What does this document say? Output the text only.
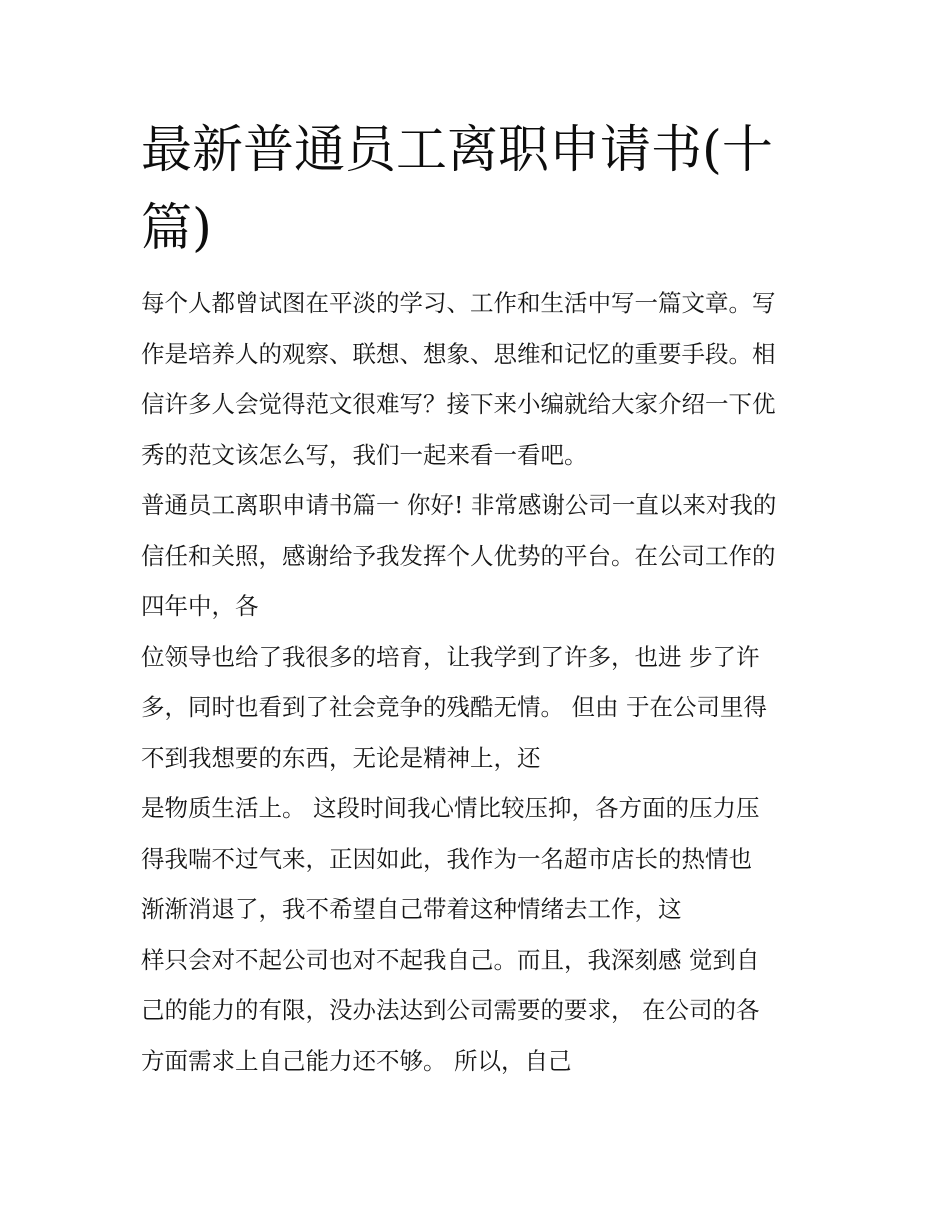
最新普通员工离职申请书(十
篇)

每个人都曾试图在平淡的学习、工作和生活中写一篇文章。写
作是培养人的观察、联想、想象、思维和记忆的重要手段。相
信许多人会觉得范文很难写？接下来小编就给大家介绍一下优
秀的范文该怎么写，我们一起来看一看吧。

普通员工离职申请书篇一 你好! 非常感谢公司一直以来对我的
信任和关照，感谢给予我发挥个人优势的平台。在公司工作的
四年中，各

位领导也给了我很多的培育，让我学到了许多，也进 步了许
多，同时也看到了社会竞争的残酷无情。 但由 于在公司里得
不到我想要的东西，无论是精神上，还

是物质生活上。 这段时间我心情比较压抑，各方面的压力压
得我喘不过气来，正因如此，我作为一名超市店长的热情也
渐渐消退了，我不希望自己带着这种情绪去工作，这

样只会对不起公司也对不起我自己。而且，我深刻感 觉到自
己的能力的有限，没办法达到公司需要的要求， 在公司的各
方面需求上自己能力还不够。 所以，自己
